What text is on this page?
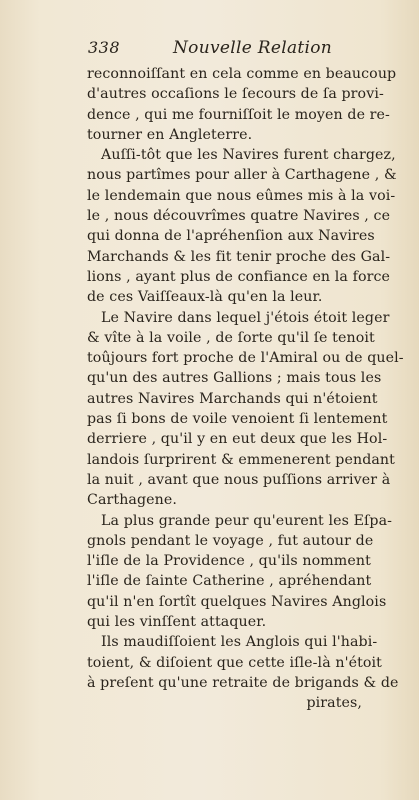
338	Nouvelle Relation
reconnoiſſant en cela comme en beaucoup
d'autres occaſions le ſecours de ſa provi-
dence , qui me fourniſſoit le moyen de re-
tourner en Angleterre.
Auſſi-tôt que les Navires furent chargez,
nous partîmes pour aller à Carthagene , &
le lendemain que nous eûmes mis à la voi-
le , nous découvrîmes quatre Navires , ce
qui donna de l'apréhenſion aux Navires
Marchands & les fit tenir proche des Gal-
lions , ayant plus de confiance en la force
de ces Vaiſſeaux-là qu'en la leur.
Le Navire dans lequel j'étois étoit leger
& vîte à la voile , de ſorte qu'il ſe tenoit
toûjours fort proche de l'Amiral ou de quel-
qu'un des autres Gallions ; mais tous les
autres Navires Marchands qui n'étoient
pas ſi bons de voile venoient ſi lentement
derriere , qu'il y en eut deux que les Hol-
landois ſurprirent & emmenerent pendant
la nuit , avant que nous puſſions arriver à
Carthagene.
La plus grande peur qu'eurent les Eſpa-
gnols pendant le voyage , fut autour de
l'iſle de la Providence , qu'ils nomment
l'iſle de ſainte Catherine , apréhendant
qu'il n'en ſortît quelques Navires Anglois
qui les vinſſent attaquer.
Ils maudiſſoient les Anglois qui l'habi-
toient, & diſoient que cette iſle-là n'étoit
à preſent qu'une retraite de brigands & de
pirates,
